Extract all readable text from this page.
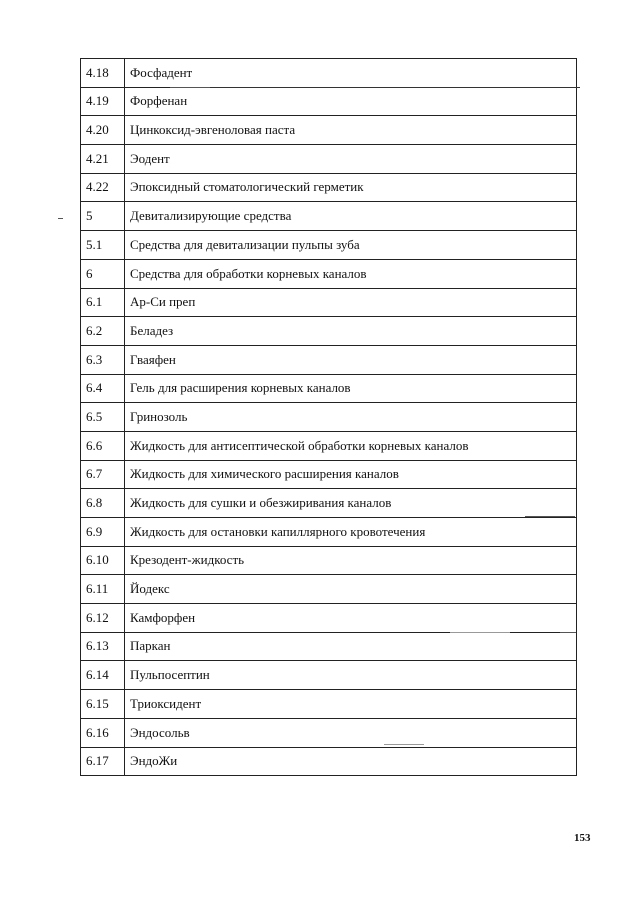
4.18	Фосфадент
4.19	Форфенан
4.20	Цинкоксид-эвгеноловая паста
4.21	Эодент
4.22	Эпоксидный стоматологический герметик
5	Девитализирующие средства
5.1	Средства для девитализации пульпы зуба
6	Средства для обработки корневых каналов
6.1	Ар-Си преп
6.2	Беладез
6.3	Гваяфен
6.4	Гель для расширения корневых каналов
6.5	Гринозоль
6.6	Жидкость для антисептической обработки корневых каналов
6.7	Жидкость для химического расширения каналов
6.8	Жидкость для сушки и обезжиривания каналов
6.9	Жидкость для остановки капиллярного кровотечения
6.10	Крезодент-жидкость
6.11	Йодекс
6.12	Камфорфен
6.13	Паркан
6.14	Пульпосептин
6.15	Триоксидент
6.16	Эндосольв
6.17	ЭндоЖи
153
